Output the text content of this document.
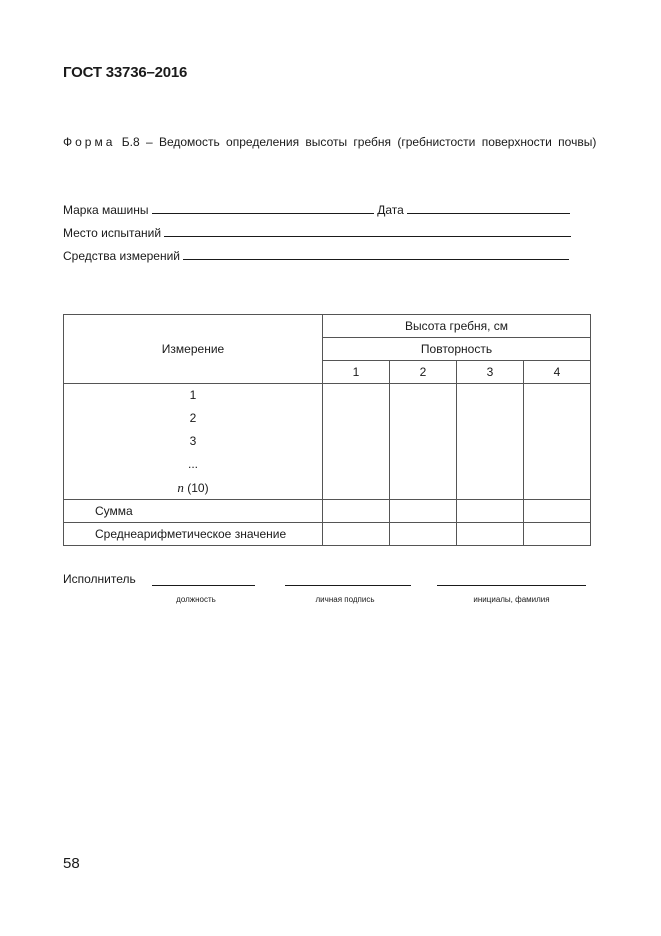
ГОСТ 33736–2016
Форма Б.8 – Ведомость определения высоты гребня (гребнистости поверхности почвы)
Марка машины	Дата
Место испытаний
Средства измерений
Измерение	Высота гребня, см			
	Повторность			
	1	2	3	4

1
2
3
...
n (10)				

Сумма				
Среднеарифметическое значение				
Исполнитель
должность	личная подпись	инициалы, фамилия
58
